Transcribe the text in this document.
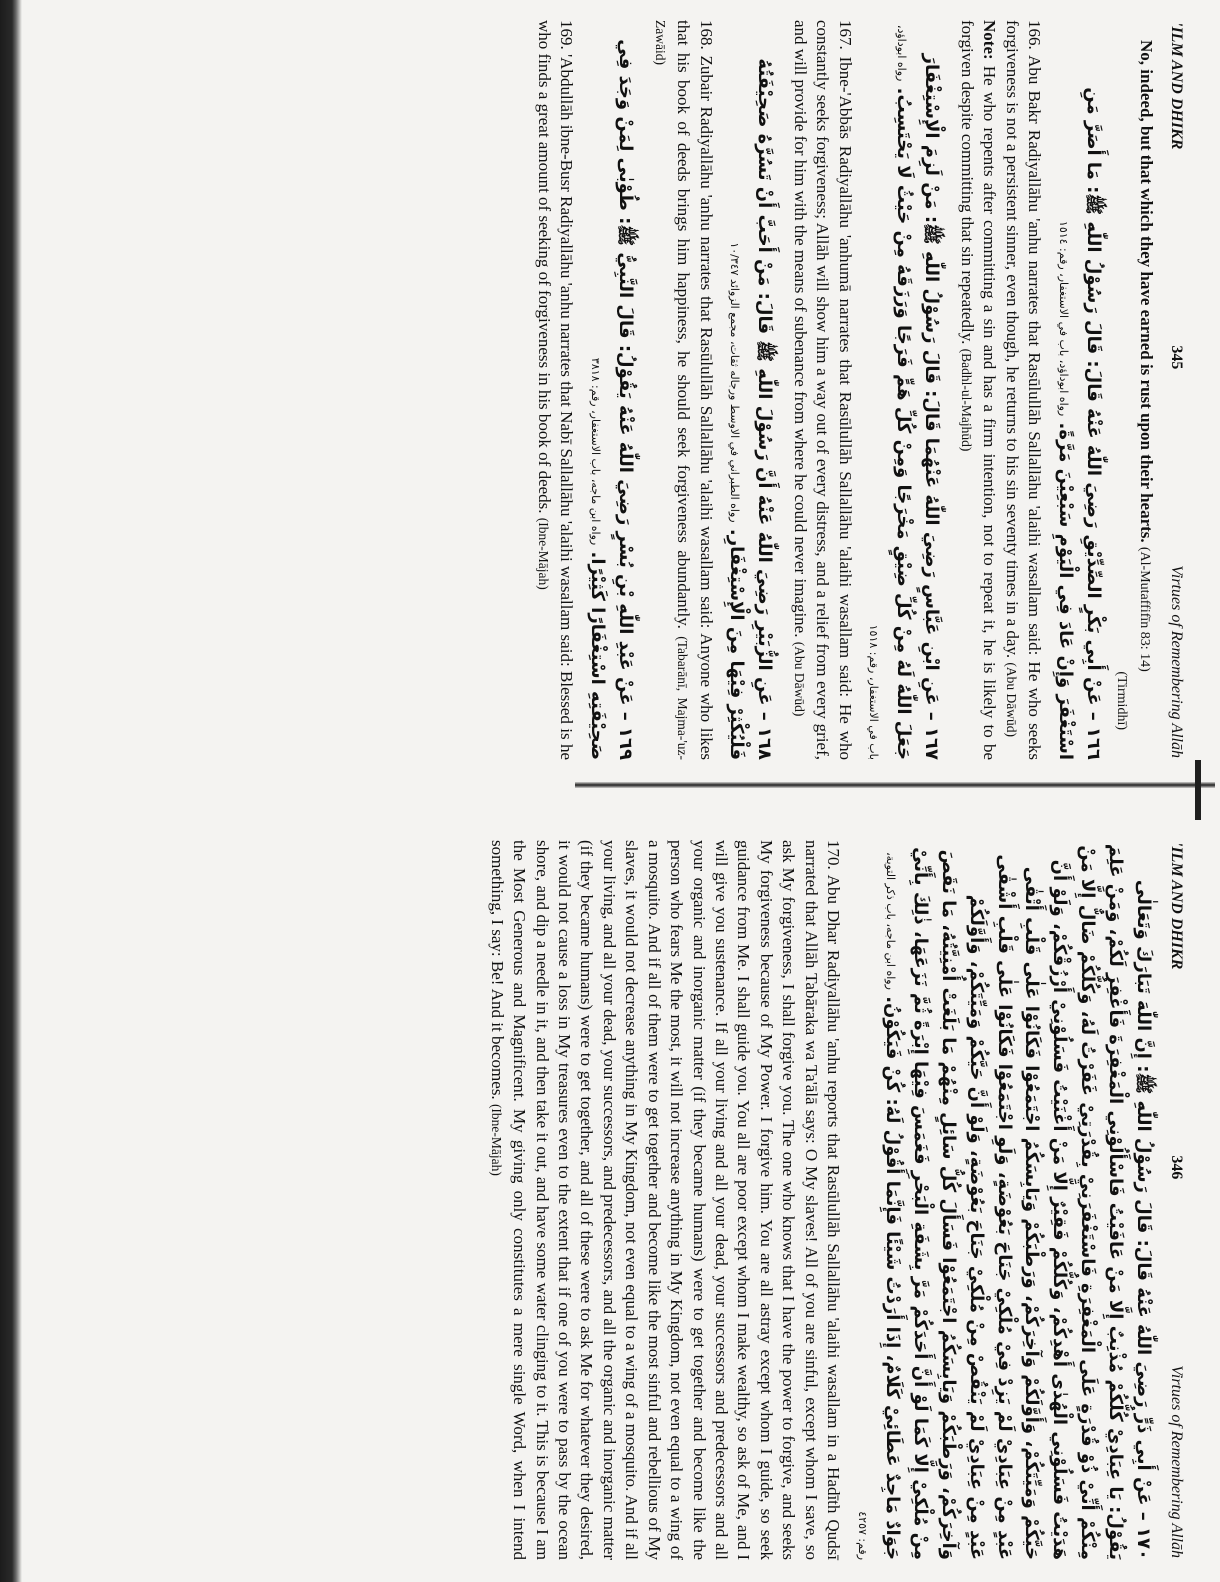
'ILM AND DHIKR
345
Virtues of Remembering Allāh
No, indeed, but that which they have earned is rust upon their hearts. (Al-Mutaffifīn 83: 14)
(Tirmidhī)
١٦٦ – عَنْ أَبِي بَكْرٍ الصِّدِّيْقِ رَضِيَ اللّٰهُ عَنْهُ قَالَ: قَالَ رَسُوْلُ اللّٰهِ ﷺ: مَا أَصَرَّ مَنِ اسْتَغْفَرَ وَإِنْ عَادَ فِي الْيَوْمِ سَبْعِيْنَ مَرَّةً. رواه ابوداؤد، باب في الاستغفار، رقم: ١٥١٤
166. Abu Bakr Radiyallāhu 'anhu narrates that Rasūlullāh Sallallāhu 'alaihi wasallam said: He who seeks forgiveness is not a persistent sinner, even though, he returns to his sin seventy times in a day. (Abu Dāwūd)
Note: He who repents after committing a sin and has a firm intention, not to repeat it, he is likely to be forgiven despite committing that sin repeatedly. (Badhl-ul-Majhūd)
١٦٧ – عَنِ ابْنِ عَبَّاسٍ رَضِيَ اللّٰهُ عَنْهُمَا قَالَ: قَالَ رَسُوْلُ اللّٰهِ ﷺ: مَنْ لَزِمَ الْإِسْتِغْفَارَ جَعَلَ اللّٰهُ لَهُ مِنْ كُلِّ ضِيْقٍ مَخْرَجًا وَمِنْ كُلِّ هَمٍّ فَرَجًا وَرَزَقَهُ مِنْ حَيْثُ لَا يَحْتَسِبُ. رواه ابوداؤد، باب في الاستغفار، رقم: ١٥١٨
167. Ibne-'Abbās Radiyallāhu 'anhumā narrates that Rasūlullāh Sallallāhu 'alaihi wasallam said: He who constantly seeks forgiveness; Allāh will show him a way out of every distress, and a relief from every grief, and will provide for him with the means of subenance from where he could never imagine. (Abu Dāwūd)
١٦٨ – عَنِ الزُّبَيْرِ رَضِيَ اللّٰهُ عَنْهُ أَنَّ رَسُوْلَ اللّٰهِ ﷺ قَالَ: مَنْ أَحَبَّ أَنْ تَسُرَّهُ صَحِيْفَتُهُ فَلْيُكْثِرْ فِيْهَا مِنَ الْإِسْتِغْفَارِ. رواه الطبراني في الاوسط ورجاله ثقات، مجمع الزوائد ١٠/٣٤٧
168. Zubair Radiyallāhu 'anhu narrates that Rasūlullāh Sallallāhu 'alaihi wasallam said: Anyone who likes that his book of deeds brings him happiness, he should seek forgiveness abundantly. (Tabarānī, Majma-'uz-Zawāid)
١٦٩ – عَنْ عَبْدِ اللّٰهِ بْنِ بُسْرٍ رَضِيَ اللّٰهُ عَنْهُ يَقُوْلُ: قَالَ النَّبِيُّ ﷺ: طُوْبٰى لِمَنْ وَجَدَ فِي صَحِيْفَتِهِ اسْتِغْفَارًا كَثِيْرًا. رواه ابن ماجه، باب الاستغفار، رقم: ٣٨١٨
169. 'Abdullāh ibne-Busr Radiyallāhu 'anhu narrates that Nabī Sallallāhu 'alaihi wasallam said: Blessed is he who finds a great amount of seeking of forgiveness in his book of deeds. (Ibne-Mājah)
'ILM AND DHIKR
346
Virtues of Remembering Allāh
١٧٠ – عَنْ أَبِي ذَرٍّ رَضِيَ اللّٰهُ عَنْهُ قَالَ: قَالَ رَسُوْلُ اللّٰهِ ﷺ: إِنَّ اللّٰهَ تَبَارَكَ وَتَعَالٰى يَقُوْلُ: يَا عِبَادِيْ كُلُّكُمْ مُذْنِبٌ إِلَّا مَنْ عَافَيْتُ فَاسْأَلُوْنِي الْمَغْفِرَةَ فَأَغْفِرَ لَكُمْ، وَمَنْ عَلِمَ مِنْكُمْ أَنِّيْ ذُوْ قُدْرَةٍ عَلَى الْمَغْفِرَةِ فَاسْتَغْفَرَنِيْ بِقُدْرَتِيْ غَفَرْتُ لَهُ، وَكُلُّكُمْ ضَالٌّ إِلَّا مَنْ هَدَيْتُ فَسَلُوْنِي الْهُدٰى أَهْدِكُمْ، وَكُلُّكُمْ فَقِيْرٌ إِلَّا مَنْ أَغْنَيْتُ فَسَلُوْنِيْ أَرْزُقْكُمْ، وَلَوْ أَنَّ حَيَّكُمْ وَمَيِّتَكُمْ، وَأَوَّلَكُمْ وَآخِرَكُمْ، وَرَطْبَكُمْ وَيَابِسَكُمُ اجْتَمَعُوْا فَكَانُوْا عَلٰى قَلْبِ أَتْقٰى عَبْدٍ مِنْ عِبَادِيْ لَمْ يَزِدْ فِيْ مُلْكِيْ جَنَاحَ بَعُوْضَةٍ، وَلَوِ اجْتَمَعُوْا فَكَانُوْا عَلٰى قَلْبِ أَشْقٰى عَبْدٍ مِنْ عِبَادِيْ لَمْ يَنْقُصْ مِنْ مُلْكِيْ جَنَاحَ بَعُوْضَةٍ، وَلَوْ أَنَّ حَيَّكُمْ وَمَيِّتَكُمْ، وَأَوَّلَكُمْ وَآخِرَكُمْ، وَرَطْبَكُمْ وَيَابِسَكُمُ اجْتَمَعُوْا فَسَأَلَ كُلُّ سَائِلٍ مِنْهُمْ مَا بَلَغَتْ أُمْنِيَّتُهُ، مَا نَقَصَ مِنْ مُلْكِيْ إِلَّا كَمَا لَوْ أَنَّ أَحَدَكُمْ مَرَّ بِشَفَةِ الْبَحْرِ فَغَمَسَ فِيْهَا إِبْرَةً ثُمَّ نَزَعَهَا، ذٰلِكَ بِأَنِّيْ جَوَادٌ مَاجِدٌ عَطَائِيْ كَلَامٌ، إِذَا أَرَدْتُ شَيْئًا فَإِنَّمَا أَقُوْلُ لَهُ: كُنْ فَيَكُوْنُ. رواه ابن ماجه، باب ذكر التوبة، رقم: ٤٢٥٧
170. Abu Dhar Radiyallāhu 'anhu reports that Rasūlullāh Sallallāhu 'alaihi wasallam in a Hadīth Qudsī narrated that Allāh Tabāraka wa Ta'ālā says: O My slaves! All of you are sinful, except whom I save, so ask My forgiveness, I shall forgive you. The one who knows that I have the power to forgive, and seeks My forgiveness because of My Power. I forgive him. You are all astray except whom I guide, so seek guidance from Me. I shall guide you. You all are poor except whom I make wealthy, so ask of Me, and I will give you sustenance. If all your living and all your dead, your successors and predecessors and all your organic and inorganic matter (if they became humans) were to get together and become like the person who fears Me the most, it will not increase anything in My Kingdom, not even equal to a wing of a mosquito. And if all of them were to get together and become like the most sinful and rebellious of My slaves, it would not decrease anything in My Kingdom, not even equal to a wing of a mosquito. And if all your living, and all your dead, your successors, and predecessors, and all the organic and inorganic matter (if they became humans) were to get together, and all of these were to ask Me for whatever they desired, it would not cause a loss in My treasures even to the extent that if one of you were to pass by the ocean shore, and dip a needle in it, and then take it out, and have some water clinging to it. This is because I am the Most Generous and Magnificent. My giving only constitutes a mere single Word, when I intend something, I say: Be! And it becomes. (Ibne-Mājah)
